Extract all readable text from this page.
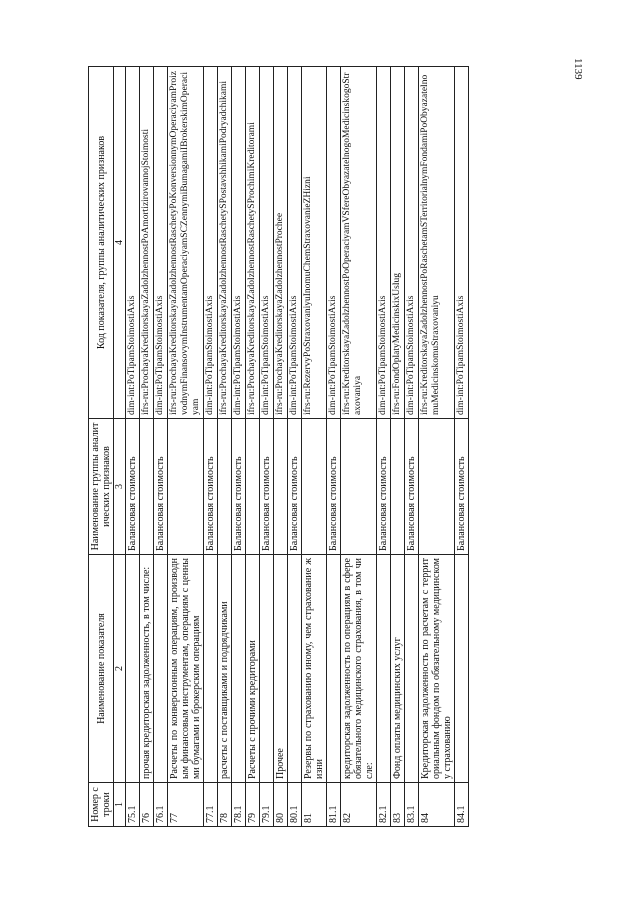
1139
Номер строки	Наименование показателя	Наименование группы аналитических признаков	Код показателя, группы аналитических признаков
1	2	3	4
75.1		Балансовая стоимость	dim-int:PoTipamStoimostiAxis
76	прочая кредиторская задолженность, в том числе:		ifrs-ru:ProchayaKreditorskayaZadolzhennostPoAmortizirovannojStoimosti
76.1		Балансовая стоимость	dim-int:PoTipamStoimostiAxis
77	Расчеты по конверсионным операциям, производным финансовым инструментам, операциям с ценными бумагами и брокерским операциям		ifrs-ru:ProchayaKreditorskayaZadolzhennostRaschetyPoKonversionnymOperaciyamProizvodnymFinansovymInstrumentamOperaciyamSCZennymiBumagamiIBrokerskimOperaciyam
77.1		Балансовая стоимость	dim-int:PoTipamStoimostiAxis
78	расчеты с поставщиками и подрядчиками		ifrs-ru:ProchayaKreditorskayaZadolzhennostRaschetySPostavshhikamiPodryadchikami
78.1		Балансовая стоимость	dim-int:PoTipamStoimostiAxis
79	Расчеты с прочими кредиторами		ifrs-ru:ProchayaKreditorskayaZadolzhennostRaschetySProchimiKreditorami
79.1		Балансовая стоимость	dim-int:PoTipamStoimostiAxis
80	Прочее		ifrs-ru:ProchayaKreditorskayaZadolzhennostProchee
80.1		Балансовая стоимость	dim-int:PoTipamStoimostiAxis
81	Резервы по страхованию иному, чем страхование жизни		ifrs-ru:RezervyPoStraxovaniyuInomuChemStraxovanieZHizni
81.1		Балансовая стоимость	dim-int:PoTipamStoimostiAxis
82	кредиторская задолженность по операциям в сфере обязательного медицинского страхования, в том числе:		ifrs-ru:KreditorskayaZadolzhennostPoOperaciyamVSfereObyazatelnogoMedicinskogoStraxovaniya
82.1		Балансовая стоимость	dim-int:PoTipamStoimostiAxis
83	Фонд оплаты медицинских услуг		ifrs-ru:FondOplatyMedicinskixUslug
83.1		Балансовая стоимость	dim-int:PoTipamStoimostiAxis
84	Кредиторская задолженность по расчетам с территориальным фондом по обязательному медицинскому страхованию		ifrs-ru:KreditorskayaZadolzhennostPoRaschetamSTerritorialnymFondamiPoObyazatelnomuMedicinskomuStraxovaniyu
84.1		Балансовая стоимость	dim-int:PoTipamStoimostiAxis
